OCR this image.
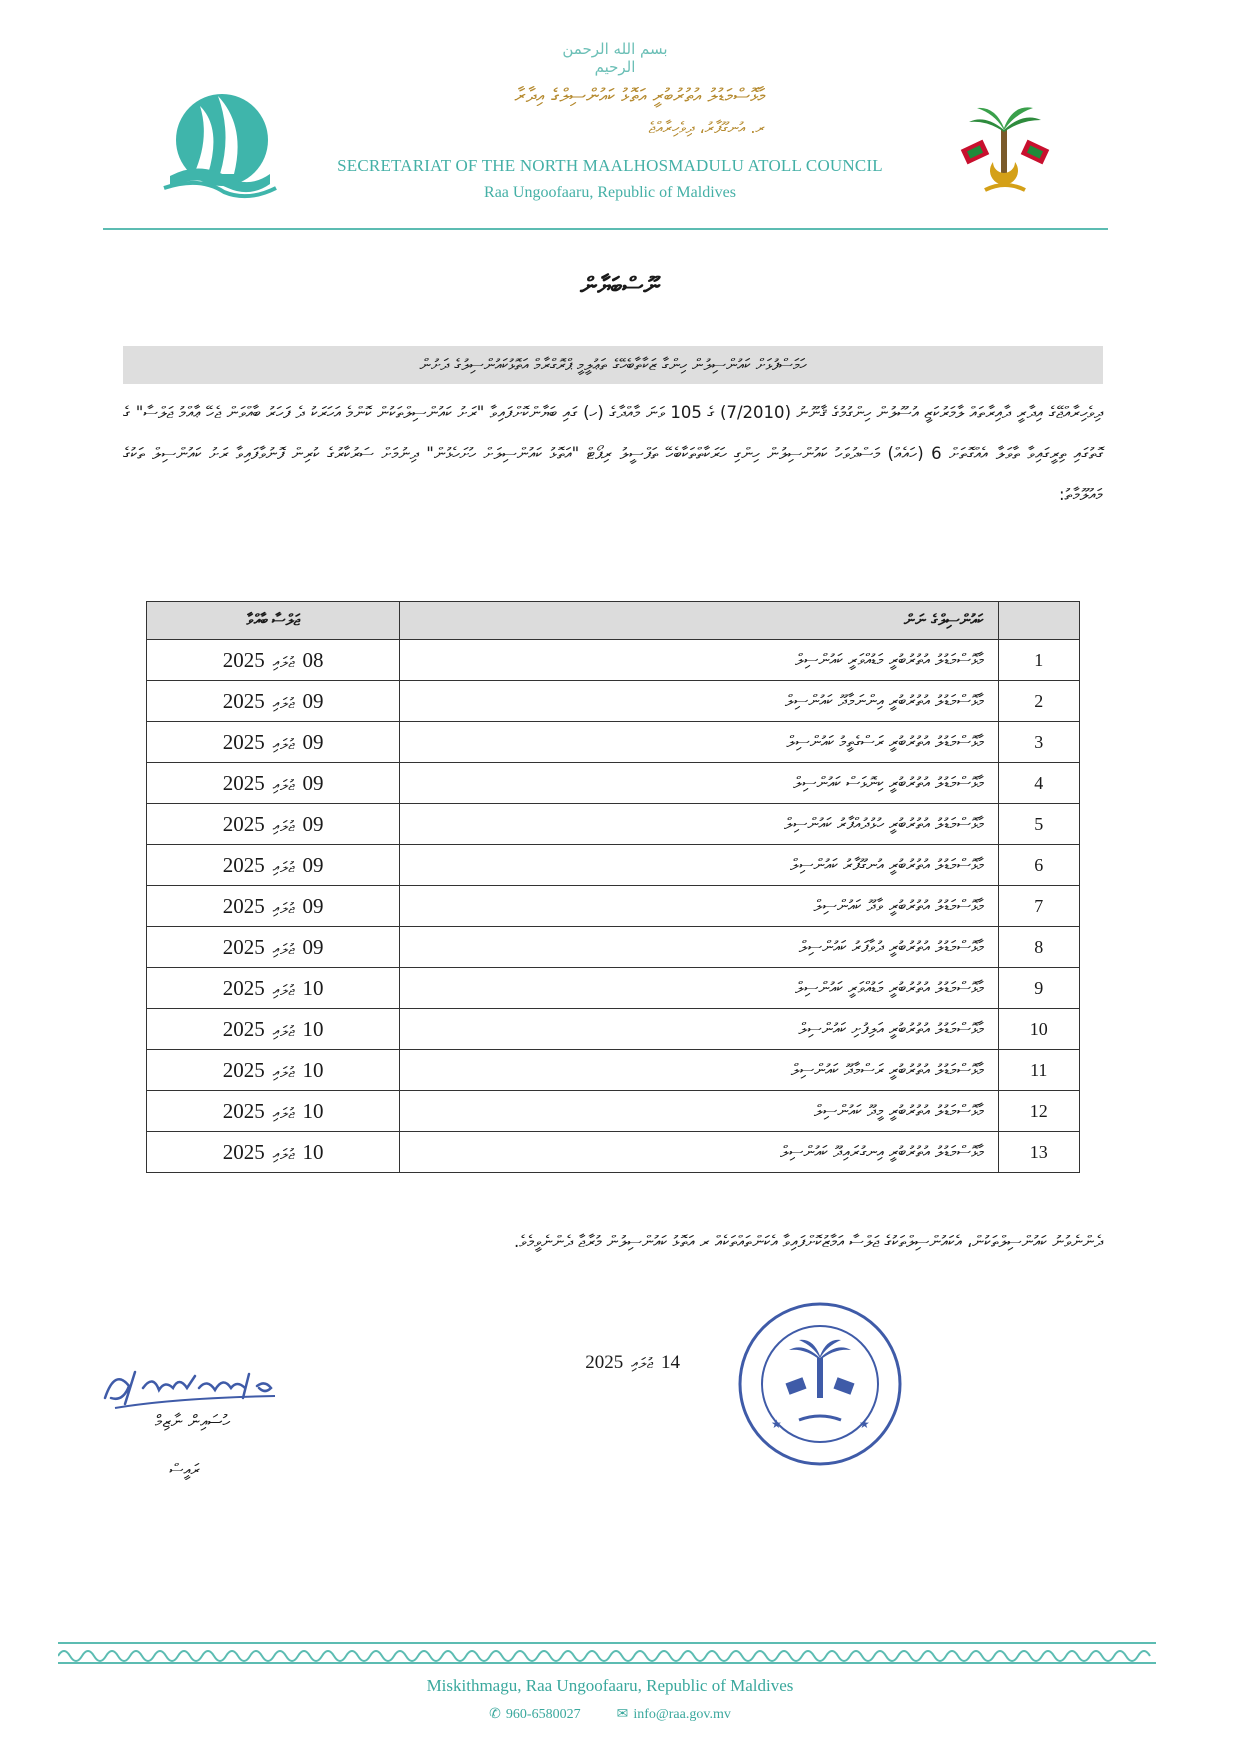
بسم الله الرحمن الرحيم
މާޅޮސްމަޑުލު އުތުރުބުރީ އަތޮޅު ކައުންސިލްގެ އިދާރާ
ރ. އުނގޫފާރު، ދިވެހިރާއްޖެ
SECRETARIAT OF THE NORTH MAALHOSMADULU ATOLL COUNCIL
Raa Ungoofaaru, Republic of Maldives
ނޫސްބަޔާން
ހަމަސްފުޅަށް ކައުންސިލުން ހިންގާ ޒަކާތާބެހޭގެ ތަޢުލީމީ ޕްރޮގްރާމް އަތޮޅުކައުންސިލުގެ ދަށުން
ދިވެހިރާއްޖޭގެ އިދާރީ ދާއިރާތައް ލާމަރުކަޒީ އުސޫލުން ހިންގުމުގެ ޤާނޫނު (7/2010) ގެ 105 ވަނަ މާއްދާގެ (ހ) ގައި ބަޔާންކޮށްފައިވާ "ރަށު ކައުންސިލްތަކުން ކޮންމެ އަހަރަކު ދެ ފަހަރު ބާއްވަން ޖެހޭ ޢާއްމު ޖަލްސާ" ގެ ގޮތުގައި ތިރީގައިވާ ތާވަލާ އެއްގޮތަށް 6 (ހައެއް) މަސްދުވަހު ކައުންސިލުން ހިންގި ހަރަކާތްތަކާބެހޭ ތަފްސީލު ރިޕޯޓް "އަތޮޅު ކައުންސިލަށް ހުށަހެޅުން" ދިނުމަށް ސަރުކާރުގެ ކުރިން ފޮނުވާފައިވާ ރަށު ކައުންސިލް ތަކުގެ މައުލޫމާތު:
ޖަލްސާ ބާއްވާ	ކައުންސިލްގެ ނަން	

2025 ޖުލައި 08	މާޅޮސްމަޑުލު އުތުރުބުރީ މަޑުއްވަރީ ކައުންސިލް	1

2025 ޖުލައި 09	މާޅޮސްމަޑުލު އުތުރުބުރީ އިންނަމާދޫ ކައުންސިލް	2

2025 ޖުލައި 09	މާޅޮސްމަޑުލު އުތުރުބުރީ ރަސްގެތީމު ކައުންސިލް	3

2025 ޖުލައި 09	މާޅޮސްމަޑުލު އުތުރުބުރީ ކިނޮޅަސް ކައުންސިލް	4

2025 ޖުލައި 09	މާޅޮސްމަޑުލު އުތުރުބުރީ ހުޅުދުއްފާރު ކައުންސިލް	5

2025 ޖުލައި 09	މާޅޮސްމަޑުލު އުތުރުބުރީ އުނގޫފާރު ކައުންސިލް	6

2025 ޖުލައި 09	މާޅޮސްމަޑުލު އުތުރުބުރީ ވާދޫ ކައުންސިލް	7

2025 ޖުލައި 09	މާޅޮސްމަޑުލު އުތުރުބުރީ ދުވާފަރު ކައުންސިލް	8

2025 ޖުލައި 10	މާޅޮސްމަޑުލު އުތުރުބުރީ މަޑުއްވަރީ ކައުންސިލް	9

2025 ޖުލައި 10	މާޅޮސްމަޑުލު އުތުރުބުރީ އަލިފުށި ކައުންސިލް	10

2025 ޖުލައި 10	މާޅޮސްމަޑުލު އުތުރުބުރީ ރަސްމާދޫ ކައުންސިލް	11

2025 ޖުލައި 10	މާޅޮސްމަޑުލު އުތުރުބުރީ މީދޫ ކައުންސިލް	12

2025 ޖުލައި 10	މާޅޮސްމަޑުލު އުތުރުބުރީ އިނގުރައިދޫ ކައުންސިލް	13
ދެންނެވުނު ކައުންސިލްތަކުން، އެކައުންސިލްތަކުގެ ޖަލްސާ އަމާޒުކޮށްފައިވާ އެކަންތައްތަކެއް ރ އަތޮޅު ކައުންސިލުން މުރާޖާ ދެންނެވީމެވެ.
2025 ޖުލައި 14
★	★
ހުސައިން ނާޒިމް
ރައީސް
Miskithmagu, Raa Ungoofaaru, Republic of Maldives
✆ 960-6580027	✉ info@raa.gov.mv
